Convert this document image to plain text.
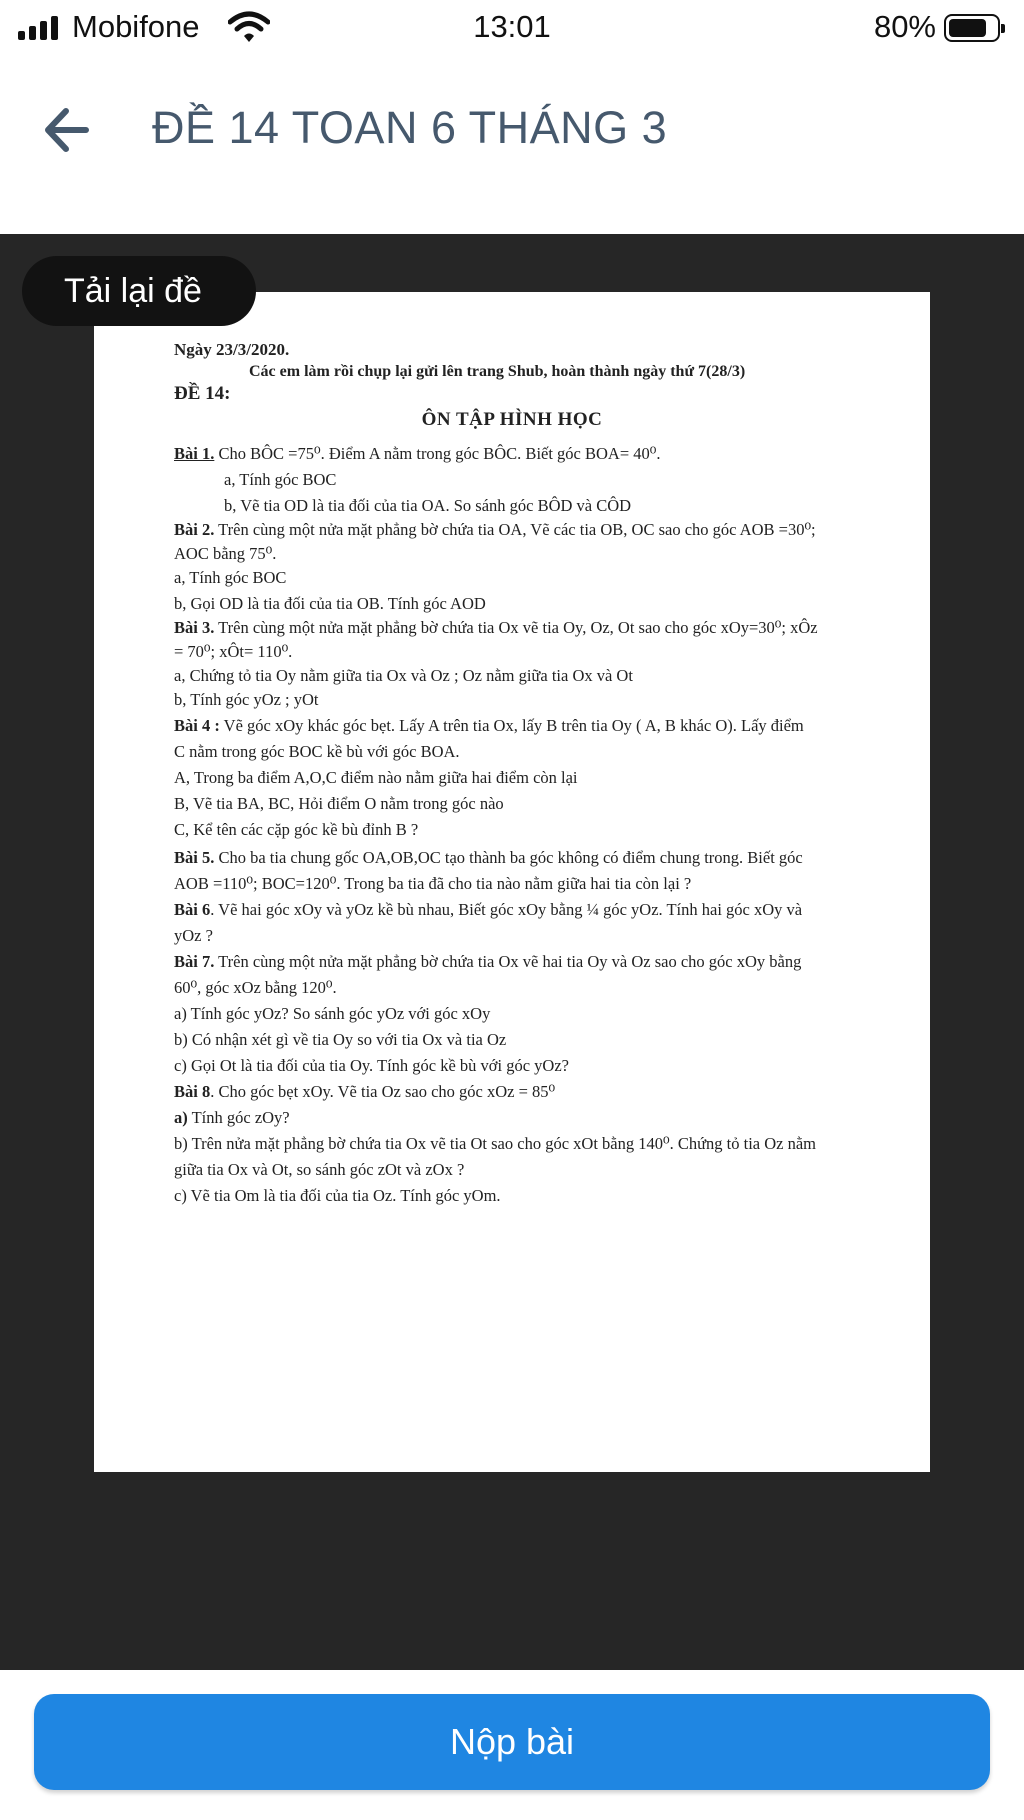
Mobifone	13:01	80%
ĐỀ 14 TOAN 6 THÁNG 3
Tải lại đề
Ngày 23/3/2020.
Các em làm rồi chụp lại gửi lên trang Shub, hoàn thành ngày thứ 7(28/3)
ĐỀ 14:
ÔN TẬP HÌNH HỌC
Bài 1. Cho BÔC =75⁰. Điểm A nằm trong góc BÔC. Biết góc BOA= 40⁰.
a, Tính góc BOC
b, Vẽ tia OD là tia đối của tia OA. So sánh góc BÔD và CÔD
Bài 2. Trên cùng một nửa mặt phẳng bờ chứa tia OA, Vẽ các tia OB, OC sao cho góc AOB =30⁰;
AOC bằng 75⁰.
a, Tính góc BOC
b, Gọi OD là tia đối của tia OB. Tính góc AOD
Bài 3. Trên cùng một nửa mặt phẳng bờ chứa tia Ox vẽ tia Oy, Oz, Ot sao cho góc xOy=30⁰; xÔz
= 70⁰; xÔt= 110⁰.
a, Chứng tỏ tia Oy nằm giữa tia Ox và Oz ; Oz nằm giữa tia Ox và Ot
b, Tính góc yOz ; yOt
Bài 4 : Vẽ góc xOy khác góc bẹt. Lấy A trên tia Ox, lấy B trên tia Oy ( A, B khác O). Lấy điểm
C nằm trong góc BOC kề bù với góc BOA.
A, Trong ba điểm A,O,C điểm nào nằm giữa hai điểm còn lại
B, Vẽ tia BA, BC, Hỏi điểm O nằm trong góc nào
C, Kể tên các cặp góc kề bù đỉnh B ?
Bài 5. Cho ba tia chung gốc OA,OB,OC tạo thành ba góc không có điểm chung trong. Biết góc
AOB =110⁰; BOC=120⁰. Trong ba tia đã cho tia nào nằm giữa hai tia còn lại ?
Bài 6. Vẽ hai góc xOy và yOz kề bù nhau, Biết góc xOy bằng ¼ góc yOz. Tính hai góc xOy và
yOz ?
Bài 7. Trên cùng một nửa mặt phẳng bờ chứa tia Ox vẽ hai tia Oy và Oz sao cho góc xOy bằng
60⁰, góc xOz bằng 120⁰.
a) Tính góc yOz? So sánh góc yOz với góc xOy
b) Có nhận xét gì về tia Oy so với tia Ox và tia Oz
c) Gọi Ot là tia đối của tia Oy. Tính góc kề bù với góc yOz?
Bài 8. Cho góc bẹt xOy. Vẽ tia Oz sao cho góc xOz = 85⁰
a) Tính góc zOy?
b) Trên nửa mặt phẳng bờ chứa tia Ox vẽ tia Ot sao cho góc xOt bằng 140⁰. Chứng tỏ tia Oz nằm
giữa tia Ox và Ot, so sánh góc zOt và zOx ?
c) Vẽ tia Om là tia đối của tia Oz. Tính góc yOm.
Nộp bài
